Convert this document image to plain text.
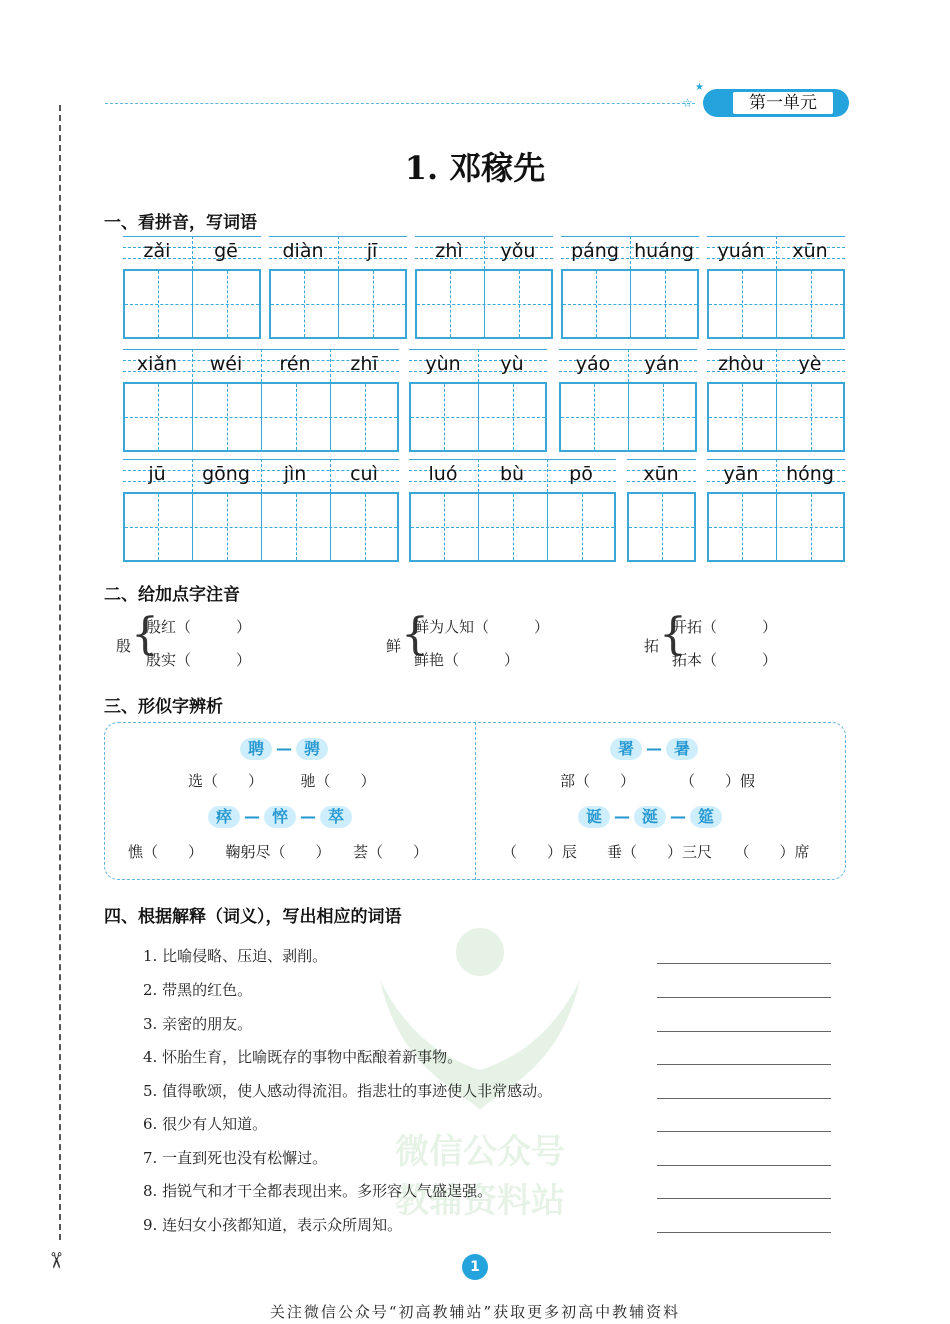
✂
☆
★
第一单元
1. 邓稼先
一、看拼音，写词语
zǎi	gē	diàn	jī	zhì	yǒu	páng huáng	yuán	xūn
xiǎn	wéi	rén	zhī	yùn	yù	yáo	yán	zhòu	yè
jū	gōng	jìn	cuì	luó	bù	pō	xūn	yān	hóng
二、给加点字注音
殷 {
殷红（　　　）
殷实（　　　）
鲜 {
鲜为人知（　　　）
鲜艳（　　　）
拓 {
开拓（　　　）
拓本（　　　）
三、形似字辨析
聘 — 骋
选（　　）　　　驰（　　）
瘁 — 悴 — 萃
憔（　　）　　鞠躬尽（　　）　　荟（　　）
署 — 暑
部（　　）　　　　（　　）假
诞 — 涎 — 筵
（　　）辰　　垂（　　）三尺　　（　　）席
四、根据解释（词义），写出相应的词语
微信公众号
教辅资料站
1. 比喻侵略、压迫、剥削。
2. 带黑的红色。
3. 亲密的朋友。
4. 怀胎生育，比喻既存的事物中酝酿着新事物。
5. 值得歌颂，使人感动得流泪。指悲壮的事迹使人非常感动。
6. 很少有人知道。
7. 一直到死也没有松懈过。
8. 指锐气和才干全都表现出来。多形容人气盛逞强。
9. 连妇女小孩都知道，表示众所周知。
1
关注微信公众号“初高教辅站”获取更多初高中教辅资料
